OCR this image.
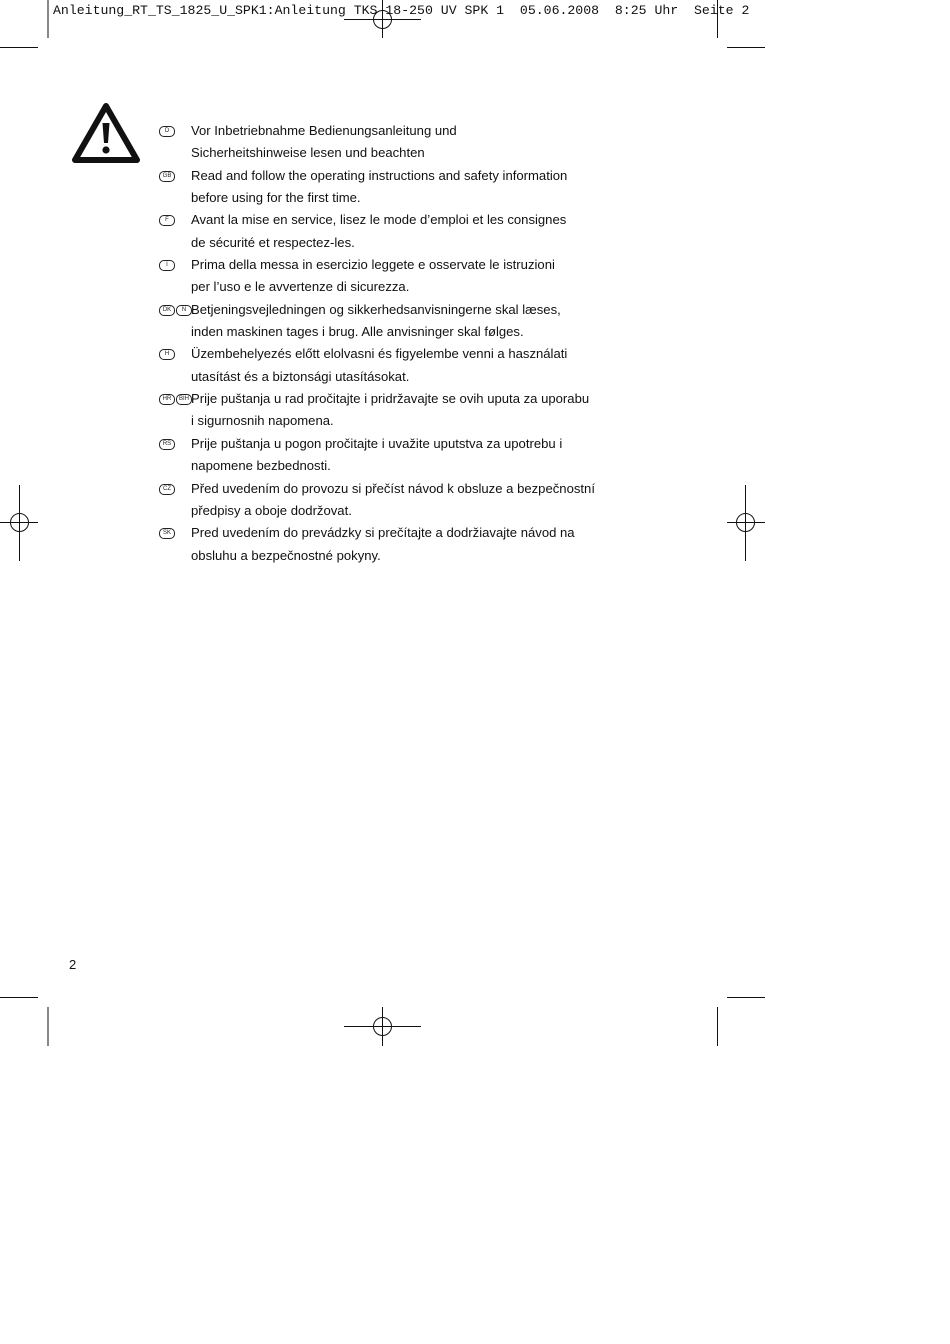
Anleitung_RT_TS_1825_U_SPK1:Anleitung TKS 18-250 UV SPK 1  05.06.2008  8:25 Uhr  Seite 2
D	Vor Inbetriebnahme Bedienungsanleitung und
Sicherheitshinweise lesen und beachten
GB Read and follow the operating instructions and safety information
before using for the first time.
F	Avant la mise en service, lisez le mode d’emploi et les consignes
de sécurité et respectez-les.
I	Prima della messa in esercizio leggete e osservate le istruzioni
per l’uso e le avvertenze di sicurezza.
DK	N Betjeningsvejledningen og sikkerhedsanvisningerne skal læses,
inden maskinen tages i brug. Alle anvisninger skal følges.
H	Üzembehelyezés előtt elolvasni és figyelembe venni a használati
utasítást és a biztonsági utasításokat.
HR	BIH Prije puštanja u rad pročitajte i pridržavajte se ovih uputa za uporabu
i sigurnosnih napomena.
RS Prije puštanja u pogon pročitajte i uvažite uputstva za upotrebu i
napomene bezbednosti.
CZ	Před uvedením do provozu si přečíst návod k obsluze a bezpečnostní
předpisy a oboje dodržovat.
SK	Pred uvedením do prevádzky si prečítajte a dodržiavajte návod na
obsluhu a bezpečnostné pokyny.
2
